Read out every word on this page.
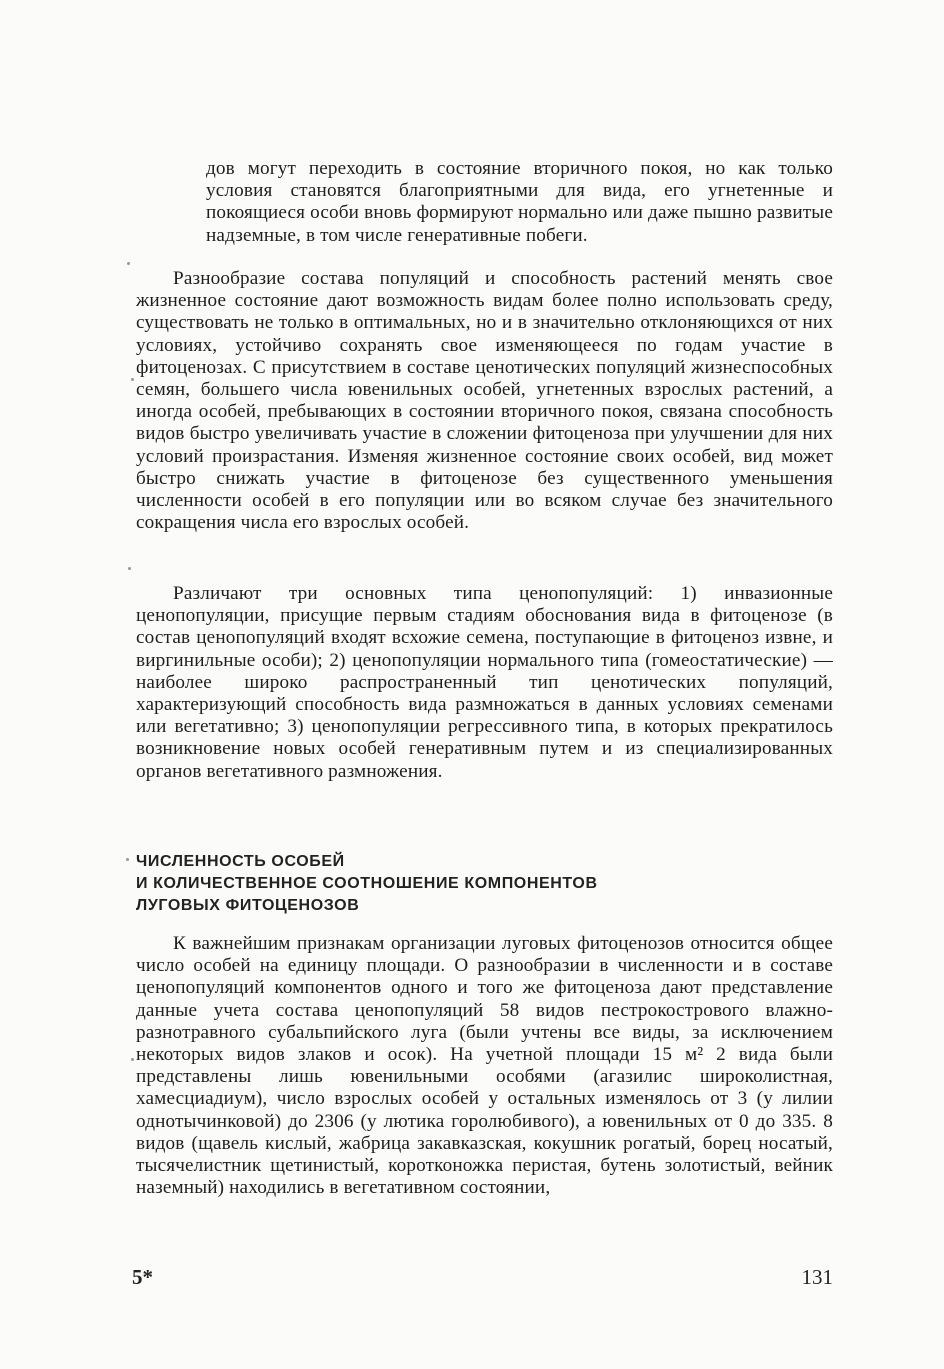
дов могут переходить в состояние вторичного покоя, но как только условия становятся благоприятными для вида, его угнетенные и покоящиеся особи вновь формируют нормально или даже пышно развитые надземные, в том числе генеративные побеги.

Разнообразие состава популяций и способность растений менять свое жизненное состояние дают возможность видам более полно использовать среду, существовать не только в оптимальных, но и в значительно отклоняющихся от них условиях, устойчиво сохранять свое изменяющееся по годам участие в фитоценозах. С присутствием в составе ценотических популяций жизнеспособных семян, большего числа ювенильных особей, угнетенных взрослых растений, а иногда особей, пребывающих в состоянии вторичного покоя, связана способность видов быстро увеличивать участие в сложении фитоценоза при улучшении для них условий произрастания. Изменяя жизненное состояние своих особей, вид может быстро снижать участие в фитоценозе без существенного уменьшения численности особей в его популяции или во всяком случае без значительного сокращения числа его взрослых особей.

Различают три основных типа ценопопуляций: 1) инвазионные ценопопуляции, присущие первым стадиям обоснования вида в фитоценозе (в состав ценопопуляций входят всхожие семена, поступающие в фитоценоз извне, и виргинильные особи); 2) ценопопуляции нормального типа (гомеостатические) — наиболее широко распространенный тип ценотических популяций, характеризующий способность вида размножаться в данных условиях семенами или вегетативно; 3) ценопопуляции регрессивного типа, в которых прекратилось возникновение новых особей генеративным путем и из специализированных органов вегетативного размножения.

ЧИСЛЕННОСТЬ ОСОБЕЙ
И КОЛИЧЕСТВЕННОЕ СООТНОШЕНИЕ КОМПОНЕНТОВ
ЛУГОВЫХ ФИТОЦЕНОЗОВ

К важнейшим признакам организации луговых фитоценозов относится общее число особей на единицу площади. О разнообразии в численности и в составе ценопопуляций компонентов одного и того же фитоценоза дают представление данные учета состава ценопопуляций 58 видов пестрокострового влажно-разнотравного субальпийского луга (были учтены все виды, за исключением некоторых видов злаков и осок). На учетной площади 15 м² 2 вида были представлены лишь ювенильными особями (агазилис широколистная, хамесциадиум), число взрослых особей у остальных изменялось от 3 (у лилии однотычинковой) до 2306 (у лютика горолюбивого), а ювенильных от 0 до 335. 8 видов (щавель кислый, жабрица закавказская, кокушник рогатый, борец носатый, тысячелистник щетинистый, коротконожка перистая, бутень золотистый, вейник наземный) находились в вегетативном состоянии,

5*	131
